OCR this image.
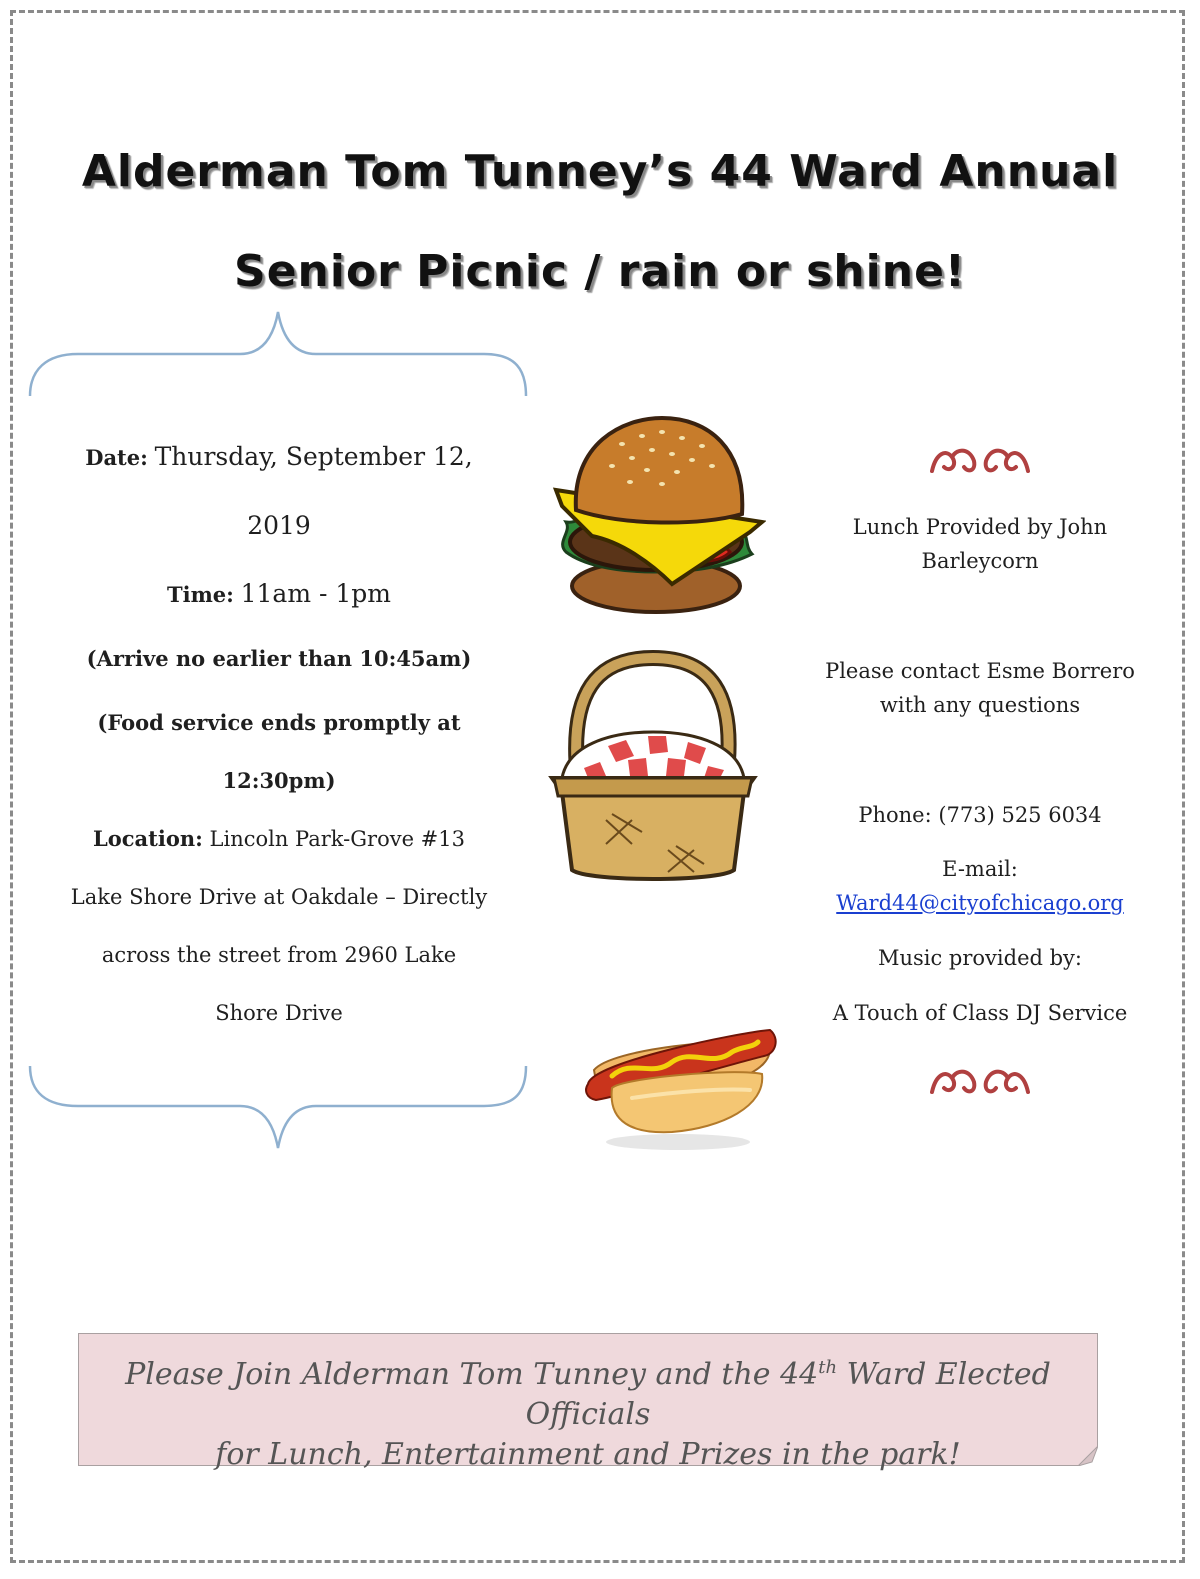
Alderman Tom Tunney’s 44 Ward Annual
Senior Picnic / rain or shine!
Date: Thursday, September 12,
2019
Time: 11am - 1pm
(Arrive no earlier than 10:45am)
(Food service ends promptly at
12:30pm)
Location: Lincoln Park-Grove #13
Lake Shore Drive at Oakdale – Directly
across the street from 2960 Lake
Shore Drive
Lunch Provided by John
Barleycorn
Please contact Esme Borrero
with any questions
Phone: (773) 525 6034
E-mail:
Ward44@cityofchicago.org
Music provided by:
A Touch of Class DJ Service
Please Join Alderman Tom Tunney and the 44th Ward Elected Officials
for Lunch, Entertainment and Prizes in the park!
